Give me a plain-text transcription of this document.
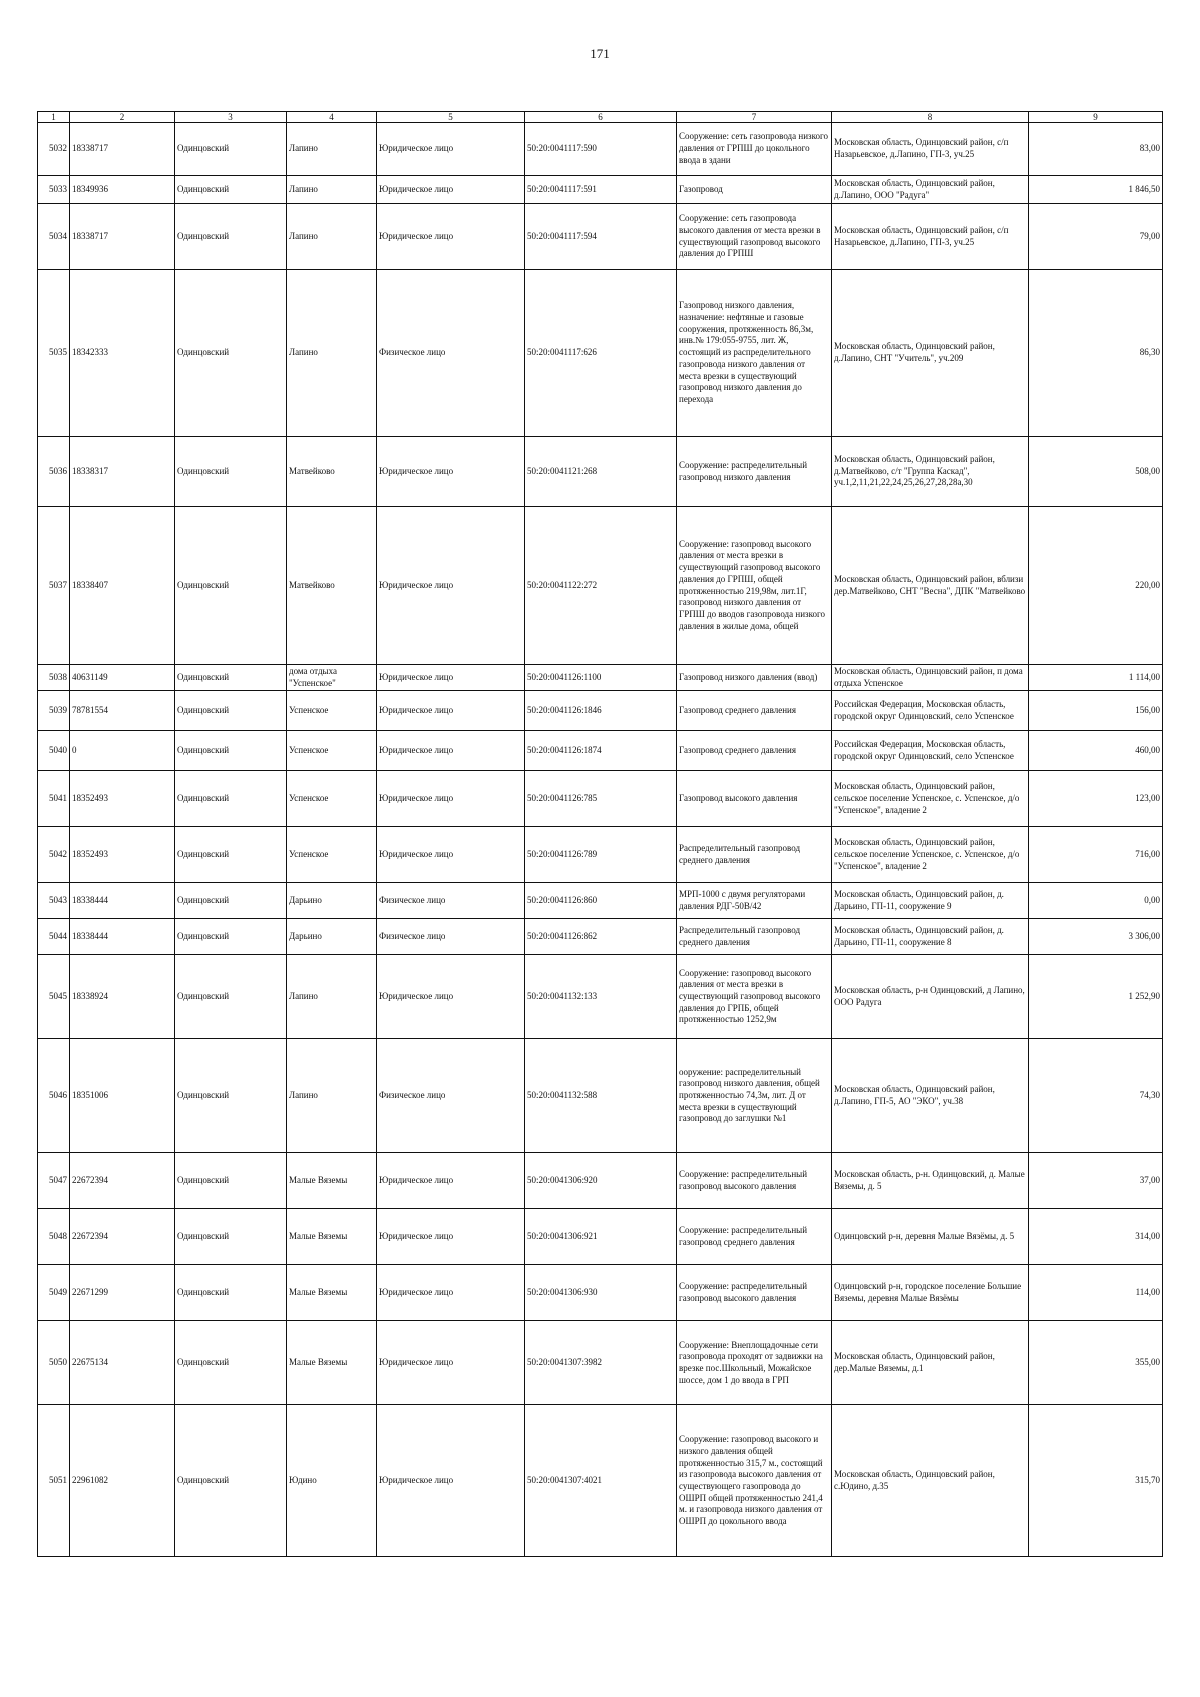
171
1	2	3	4	5	6	7	8	9
5032	18338717	Одинцовский	Лапино	Юридическое лицо	50:20:0041117:590	Сооружение: сеть газопровода низкого давления от ГРПШ до цокольного ввода в здани	Московская область, Одинцовский район, с/п Назарьевское, д.Лапино, ГП-3, уч.25	83,00
5033	18349936	Одинцовский	Лапино	Юридическое лицо	50:20:0041117:591	Газопровод	Московская область, Одинцовский район, д.Лапино, ООО "Радуга"	1 846,50
5034	18338717	Одинцовский	Лапино	Юридическое лицо	50:20:0041117:594	Сооружение: сеть газопровода высокого давления от места врезки в существующий газопровод высокого давления до ГРПШ	Московская область, Одинцовский район, с/п Назарьевское, д.Лапино, ГП-3, уч.25	79,00
5035	18342333	Одинцовский	Лапино	Физическое лицо	50:20:0041117:626	Газопровод низкого давления, назначение: нефтяные и газовые сооружения, протяженность 86,3м, инв.№ 179:055-9755, лит. Ж, состоящий из распределительного газопровода низкого давления от места врезки в существующий газопровод низкого давления до перехода	Московская область, Одинцовский район, д.Лапино, СНТ "Учитель", уч.209	86,30
5036	18338317	Одинцовский	Матвейково	Юридическое лицо	50:20:0041121:268	Сооружение: распределительный газопровод низкого давления	Московская область, Одинцовский район, д.Матвейково, с/т "Группа Каскад", уч.1,2,11,21,22,24,25,26,27,28,28а,30	508,00
5037	18338407	Одинцовский	Матвейково	Юридическое лицо	50:20:0041122:272	Сооружение: газопровод высокого давления от места врезки в существующий газопровод высокого давления до ГРПШ, общей протяженностью 219,98м, лит.1Г, газопровод низкого давления от ГРПШ до вводов газопровода низкого давления в жилые дома, общей	Московская область, Одинцовский район, вблизи дер.Матвейково, СНТ "Весна", ДПК "Матвейково	220,00
5038	40631149	Одинцовский	дома отдыха "Успенское"	Юридическое лицо	50:20:0041126:1100	Газопровод низкого давления (ввод)	Московская область, Одинцовский район, п дома отдыха Успенское	1 114,00
5039	78781554	Одинцовский	Успенское	Юридическое лицо	50:20:0041126:1846	Газопровод среднего давления	Российская Федерация, Московская область, городской округ Одинцовский, село Успенское	156,00
5040	0	Одинцовский	Успенское	Юридическое лицо	50:20:0041126:1874	Газопровод среднего давления	Российская Федерация, Московская область, городской округ Одинцовский, село Успенское	460,00
5041	18352493	Одинцовский	Успенское	Юридическое лицо	50:20:0041126:785	Газопровод высокого давления	Московская область, Одинцовский район, сельское поселение Успенское, с. Успенское, д/о "Успенское", владение 2	123,00
5042	18352493	Одинцовский	Успенское	Юридическое лицо	50:20:0041126:789	Распределительный газопровод среднего давления	Московская область, Одинцовский район, сельское поселение Успенское, с. Успенское, д/о "Успенское", владение 2	716,00
5043	18338444	Одинцовский	Дарьино	Физическое лицо	50:20:0041126:860	МРП-1000 с двумя регуляторами давления РДГ-50В/42	Московская область, Одинцовский район, д. Дарьино, ГП-11, сооружение 9	0,00
5044	18338444	Одинцовский	Дарьино	Физическое лицо	50:20:0041126:862	Распределительный газопровод среднего давления	Московская область, Одинцовский район, д. Дарьино, ГП-11, сооружение 8	3 306,00
5045	18338924	Одинцовский	Лапино	Юридическое лицо	50:20:0041132:133	Сооружение: газопровод высокого давления от места врезки в существующий газопровод высокого давления до ГРПБ, общей протяженностью 1252,9м	Московская область, р-н Одинцовский, д Лапино, ООО Радуга	1 252,90
5046	18351006	Одинцовский	Лапино	Физическое лицо	50:20:0041132:588	ооружение: распределительный газопровод низкого давления, общей протяженностью 74,3м, лит. Д от места врезки в существующий газопровод до заглушки №1	Московская область, Одинцовский район, д.Лапино, ГП-5, АО "ЭКО", уч.38	74,30
5047	22672394	Одинцовский	Малые Вяземы	Юридическое лицо	50:20:0041306:920	Сооружение: распределительный газопровод высокого давления	Московская область, р-н. Одинцовский, д. Малые Вяземы, д. 5	37,00
5048	22672394	Одинцовский	Малые Вяземы	Юридическое лицо	50:20:0041306:921	Сооружение: распределительный газопровод среднего давления	Одинцовский р-н, деревня Малые Вязёмы, д. 5	314,00
5049	22671299	Одинцовский	Малые Вяземы	Юридическое лицо	50:20:0041306:930	Сооружение: распределительный газопровод высокого давления	Одинцовский р-н, городское поселение Большие Вяземы, деревня Малые Вязёмы	114,00
5050	22675134	Одинцовский	Малые Вяземы	Юридическое лицо	50:20:0041307:3982	Сооружение: Внеплощадочные сети газопровода проходят от задвижки на врезке пос.Школьный, Можайское шоссе, дом 1 до ввода в ГРП	Московская область, Одинцовский район, дер.Малые Вяземы, д.1	355,00
5051	22961082	Одинцовский	Юдино	Юридическое лицо	50:20:0041307:4021	Сооружение: газопровод высокого и низкого давления общей протяженностью 315,7 м., состоящий из газопровода высокого давления от существующего газопровода до ОШРП общей протяженностью 241,4 м. и газопровода низкого давления от ОШРП до цокольного ввода	Московская область, Одинцовский район, с.Юдино, д.35	315,70
